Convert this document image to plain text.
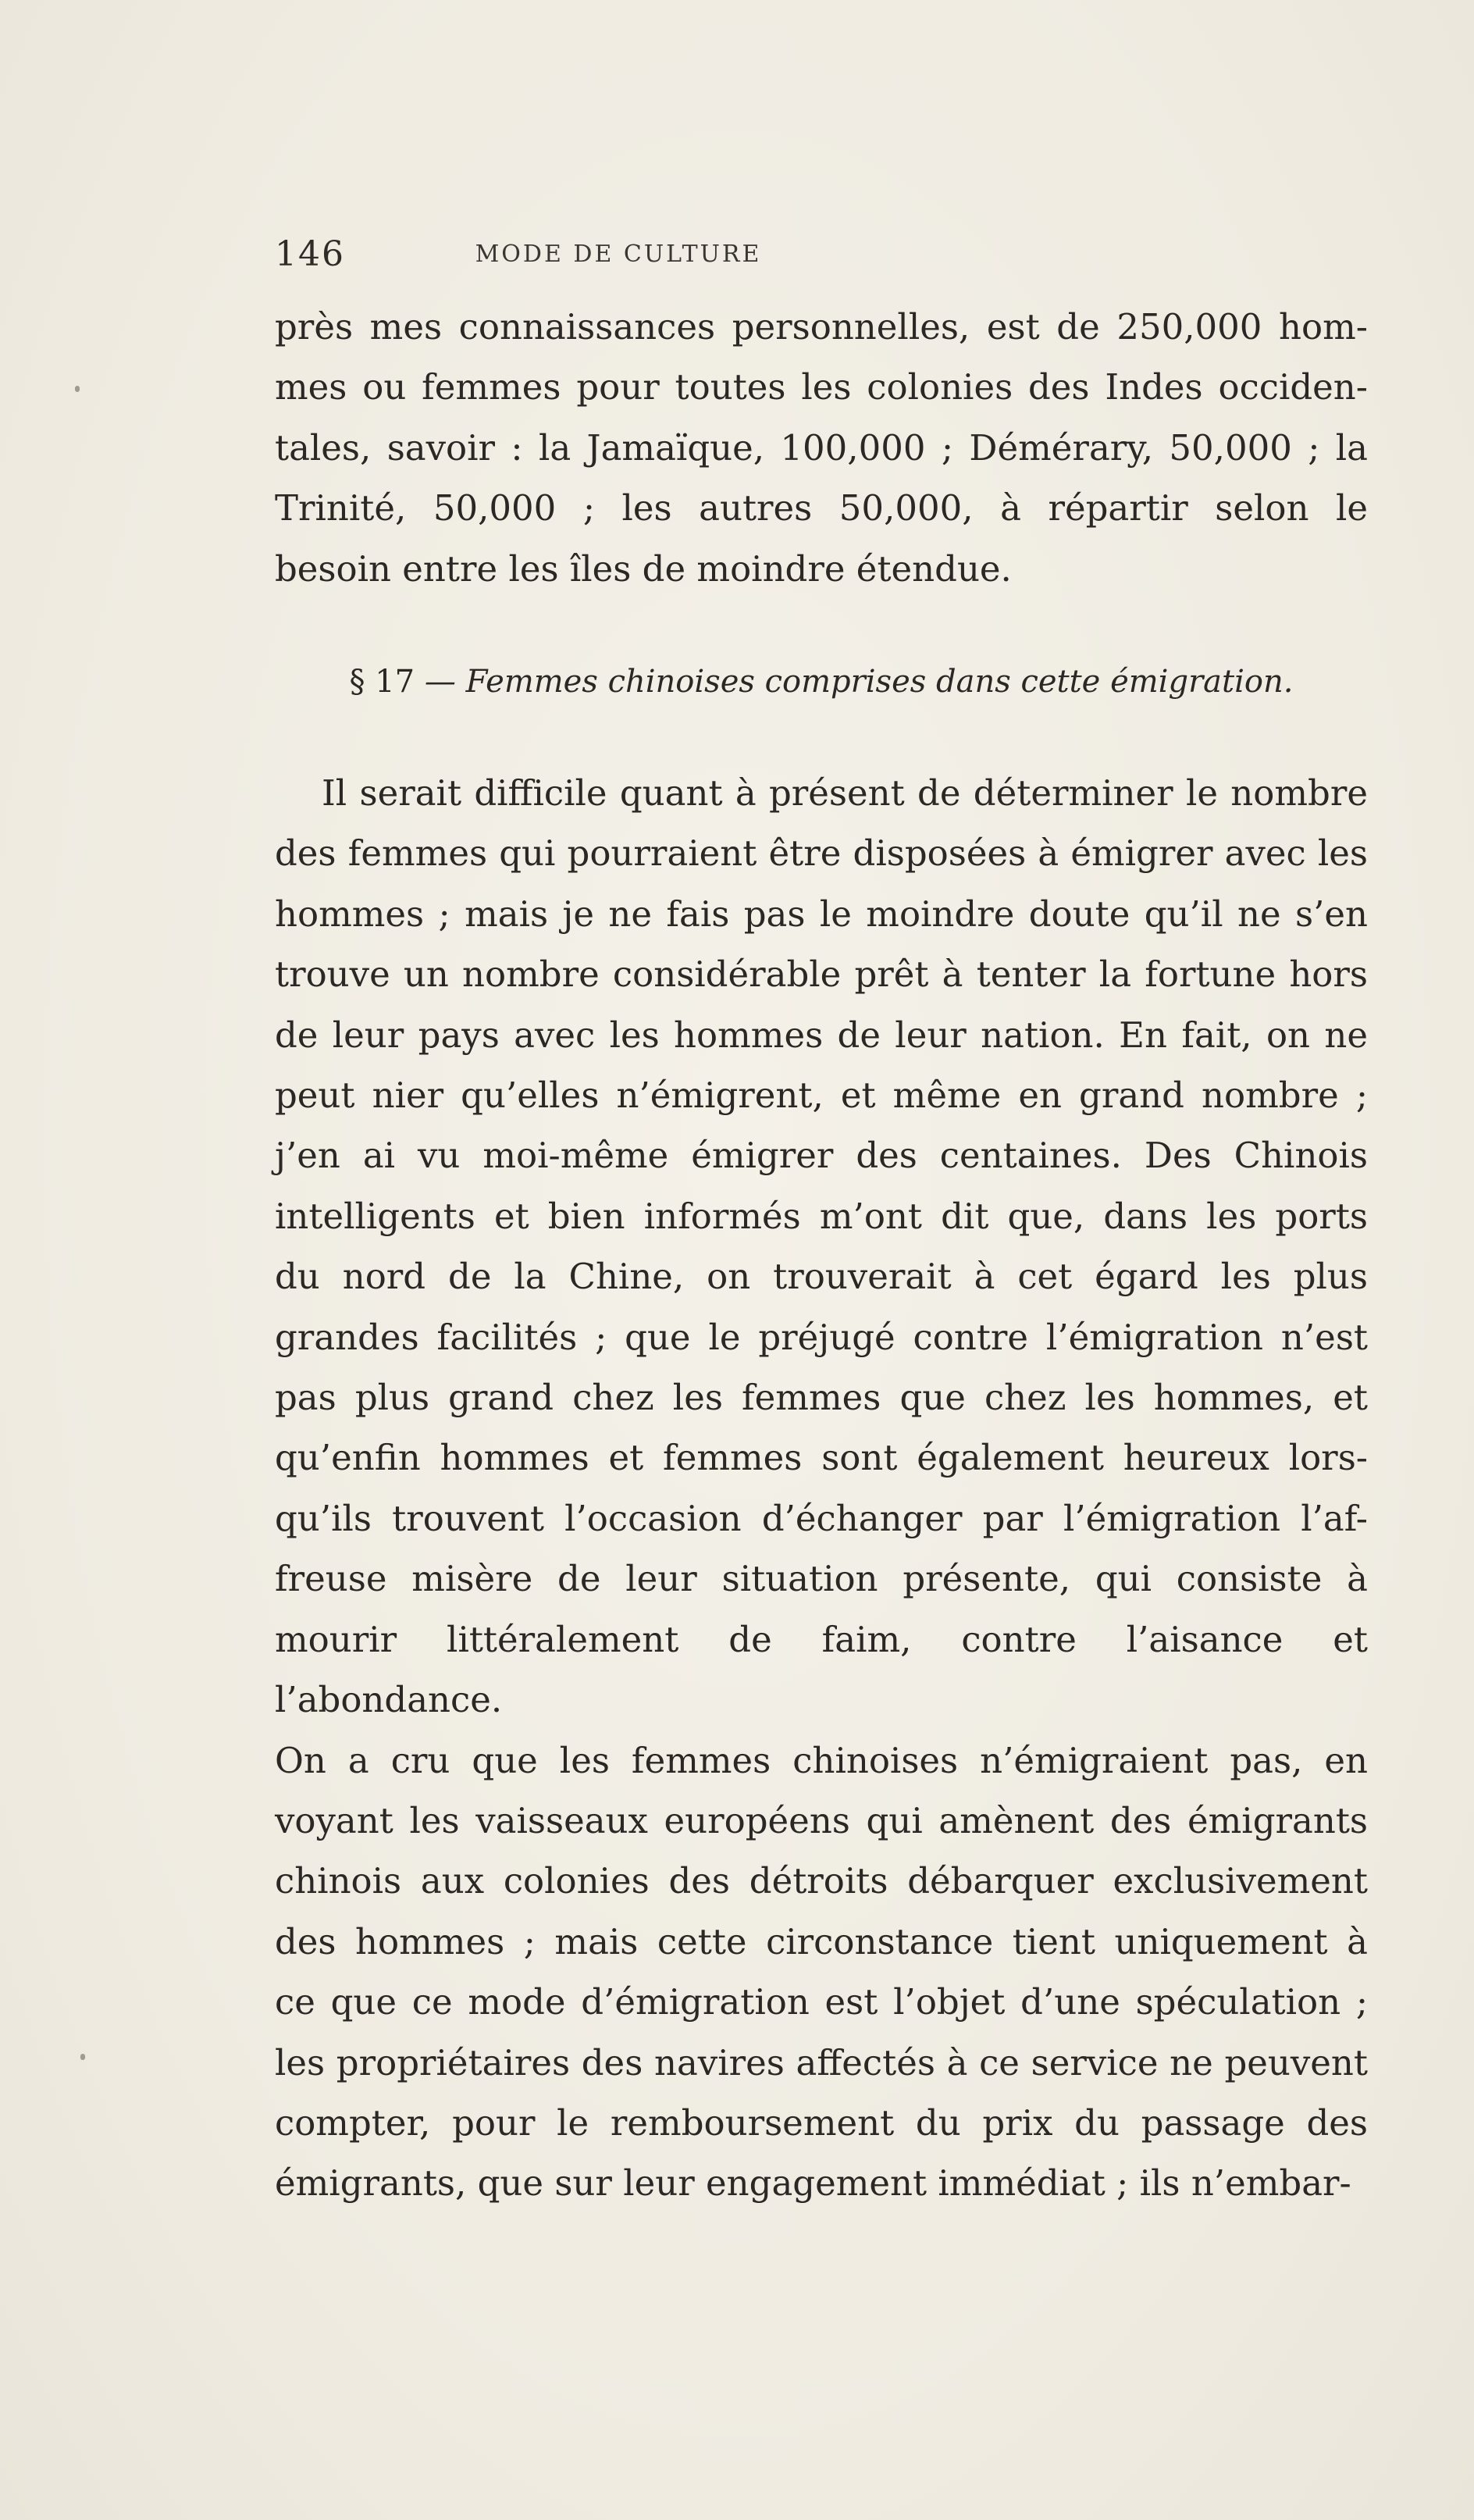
146	MODE DE CULTURE

près mes connaissances personnelles, est de 250,000 hom-

mes ou femmes pour toutes les colonies des Indes occiden-

tales, savoir : la Jamaïque, 100,000 ; Démérary, 50,000 ; la

Trinité, 50,000 ; les autres 50,000, à répartir selon le

besoin entre les îles de moindre étendue.

§ 17 — Femmes chinoises comprises dans cette émigration.

Il serait difficile quant à présent de déterminer le nombre

des femmes qui pourraient être disposées à émigrer avec les

hommes ; mais je ne fais pas le moindre doute qu’il ne s’en

trouve un nombre considérable prêt à tenter la fortune hors

de leur pays avec les hommes de leur nation. En fait, on ne

peut nier qu’elles n’émigrent, et même en grand nombre ;

j’en ai vu moi-même émigrer des centaines. Des Chinois

intelligents et bien informés m’ont dit que, dans les ports

du nord de la Chine, on trouverait à cet égard les plus

grandes facilités ; que le préjugé contre l’émigration n’est

pas plus grand chez les femmes que chez les hommes, et

qu’enfin hommes et femmes sont également heureux lors-

qu’ils trouvent l’occasion d’échanger par l’émigration l’af-

freuse misère de leur situation présente, qui consiste à

mourir littéralement de faim, contre l’aisance et l’abondance.

On a cru que les femmes chinoises n’émigraient pas, en

voyant les vaisseaux européens qui amènent des émigrants

chinois aux colonies des détroits débarquer exclusivement

des hommes ; mais cette circonstance tient uniquement à

ce que ce mode d’émigration est l’objet d’une spéculation ;

les propriétaires des navires affectés à ce service ne peuvent

compter, pour le remboursement du prix du passage des

émigrants, que sur leur engagement immédiat ; ils n’embar-
